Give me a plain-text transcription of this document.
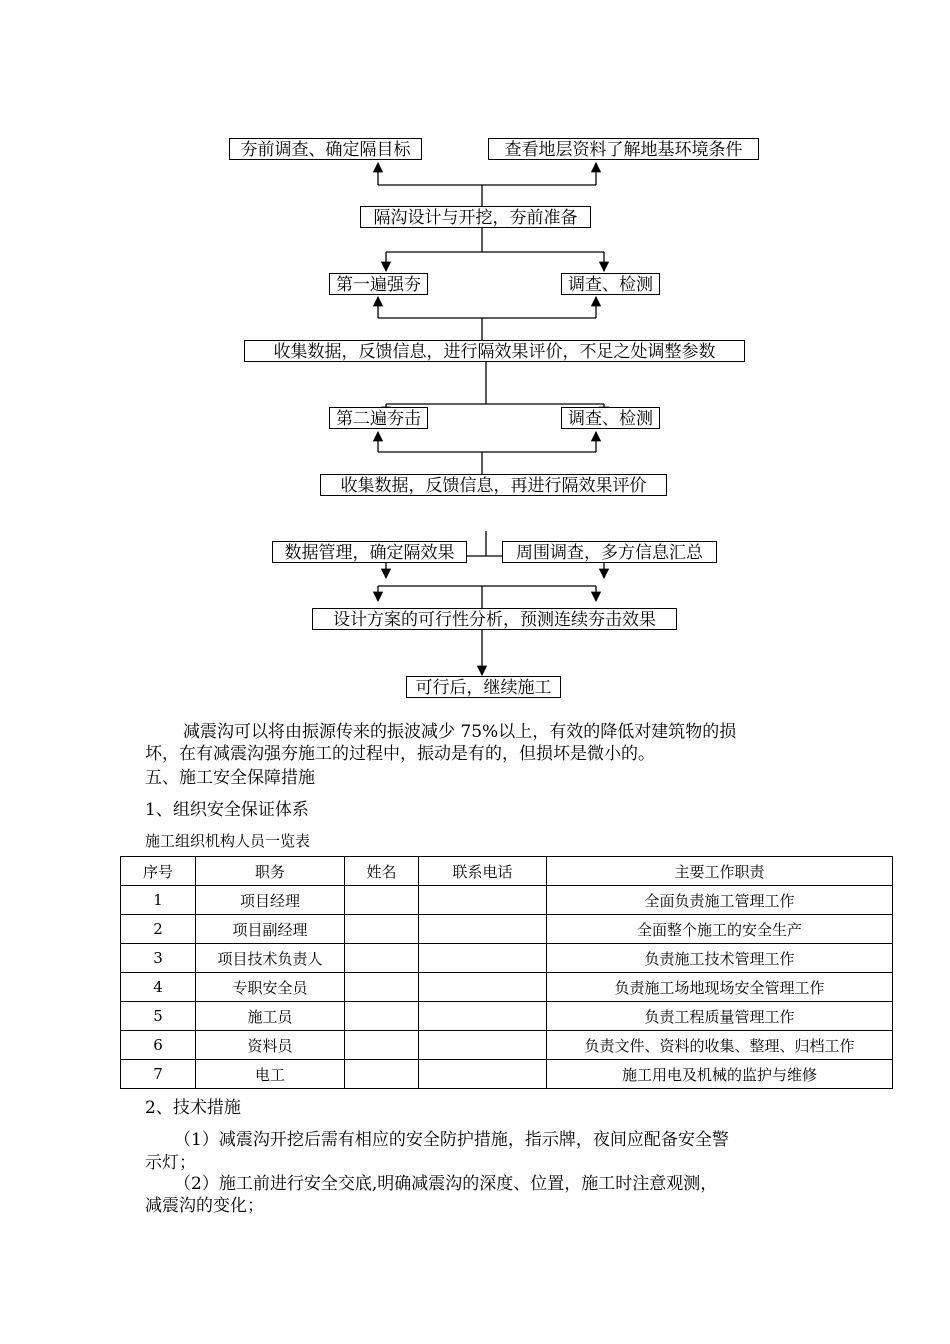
夯前调查、确定隔目标	查看地层资料了解地基环境条件
隔沟设计与开挖，夯前准备
第一遍强夯	调查、检测
收集数据，反馈信息，进行隔效果评价，不足之处调整参数
第二遍夯击	调查、检测
收集数据，反馈信息，再进行隔效果评价
数据管理，确定隔效果	周围调查，多方信息汇总
设计方案的可行性分析，预测连续夯击效果
可行后，继续施工
减震沟可以将由振源传来的振波减少 75%以上，有效的降低对建筑物的损
坏，在有减震沟强夯施工的过程中，振动是有的，但损坏是微小的。
五、施工安全保障措施
1、组织安全保证体系
施工组织机构人员一览表
序号	职务	姓名	联系电话	主要工作职责
1	项目经理			全面负责施工管理工作
2	项目副经理			全面整个施工的安全生产
3	项目技术负责人			负责施工技术管理工作
4	专职安全员			负责施工场地现场安全管理工作
5	施工员			负责工程质量管理工作
6	资料员			负责文件、资料的收集、整理、归档工作
7	电工			施工用电及机械的监护与维修
2、技术措施
（1）减震沟开挖后需有相应的安全防护措施，指示牌，夜间应配备安全警
示灯；
（2）施工前进行安全交底,明确减震沟的深度、位置，施工时注意观测，
减震沟的变化；
